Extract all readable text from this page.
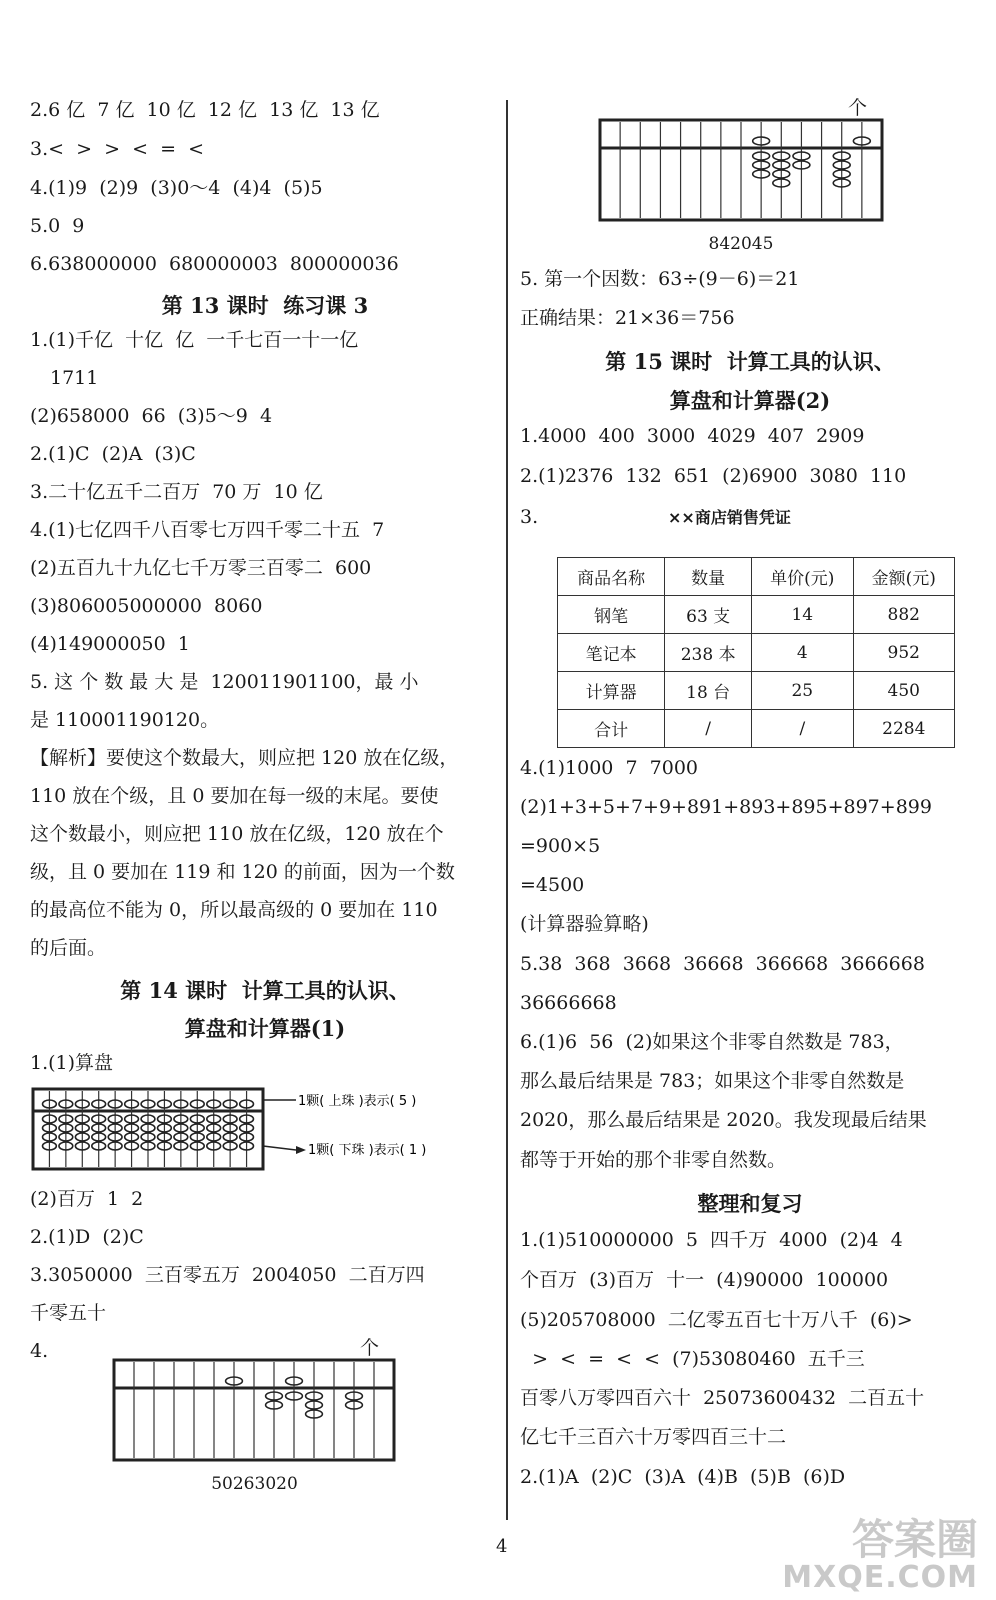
2.6 亿  7 亿  10 亿  12 亿  13 亿  13 亿
3.<  >  >  <  =  <
4.(1)9  (2)9  (3)0～4  (4)4  (5)5
5.0  9
6.638000000  680000003  800000036
第 13 课时  练习课 3
1.(1)千亿  十亿  亿  一千七百一十一亿
1711
(2)658000  66  (3)5～9  4
2.(1)C  (2)A  (3)C
3.二十亿五千二百万  70 万  10 亿
4.(1)七亿四千八百零七万四千零二十五  7
(2)五百九十九亿七千万零三百零二  600
(3)806005000000  8060
(4)149000050  1
5. 这 个 数 最 大 是  120011901100，最 小
是 110001190120。
【解析】要使这个数最大，则应把 120 放在亿级，
110 放在个级，且 0 要加在每一级的末尾。要使
这个数最小，则应把 110 放在亿级，120 放在个
级，且 0 要加在 119 和 120 的前面，因为一个数
的最高位不能为 0，所以最高级的 0 要加在 110
的后面。
第 14 课时  计算工具的认识、
算盘和计算器(1)
1.(1)算盘
1颗( 上珠 )表示( 5 )
1颗( 下珠 )表示( 1 )
(2)百万  1  2
2.(1)D  (2)C
3.3050000  三百零五万  2004050  二百万四
千零五十
4.	个
50263020
个
842045
5. 第一个因数：63÷(9－6)＝21
正确结果：21×36＝756
第 15 课时  计算工具的认识、
算盘和计算器(2)
1.4000  400  3000  4029  407  2909
2.(1)2376  132  651  (2)6900  3080  110
3.	××商店销售凭证
商品名称	数量	单价(元)	金额(元)
钢笔	63 支	14	882
笔记本	238 本	4	952
计算器	18 台	25	450
合计	/	/	2284
4.(1)1000  7  7000
(2)1+3+5+7+9+891+893+895+897+899
=900×5
=4500
(计算器验算略)
5.38  368  3668  36668  366668  3666668
36666668
6.(1)6  56  (2)如果这个非零自然数是 783，
那么最后结果是 783；如果这个非零自然数是
2020，那么最后结果是 2020。我发现最后结果
都等于开始的那个非零自然数。
整理和复习
1.(1)510000000  5  四千万  4000  (2)4  4
个百万  (3)百万  十一  (4)90000  100000
(5)205708000  二亿零五百七十万八千  (6)>
>  <  =  <  <  (7)53080460  五千三
百零八万零四百六十  25073600432  二百五十
亿七千三百六十万零四百三十二
2.(1)A  (2)C  (3)A  (4)B  (5)B  (6)D
4	答案圈
MXQE.COM
